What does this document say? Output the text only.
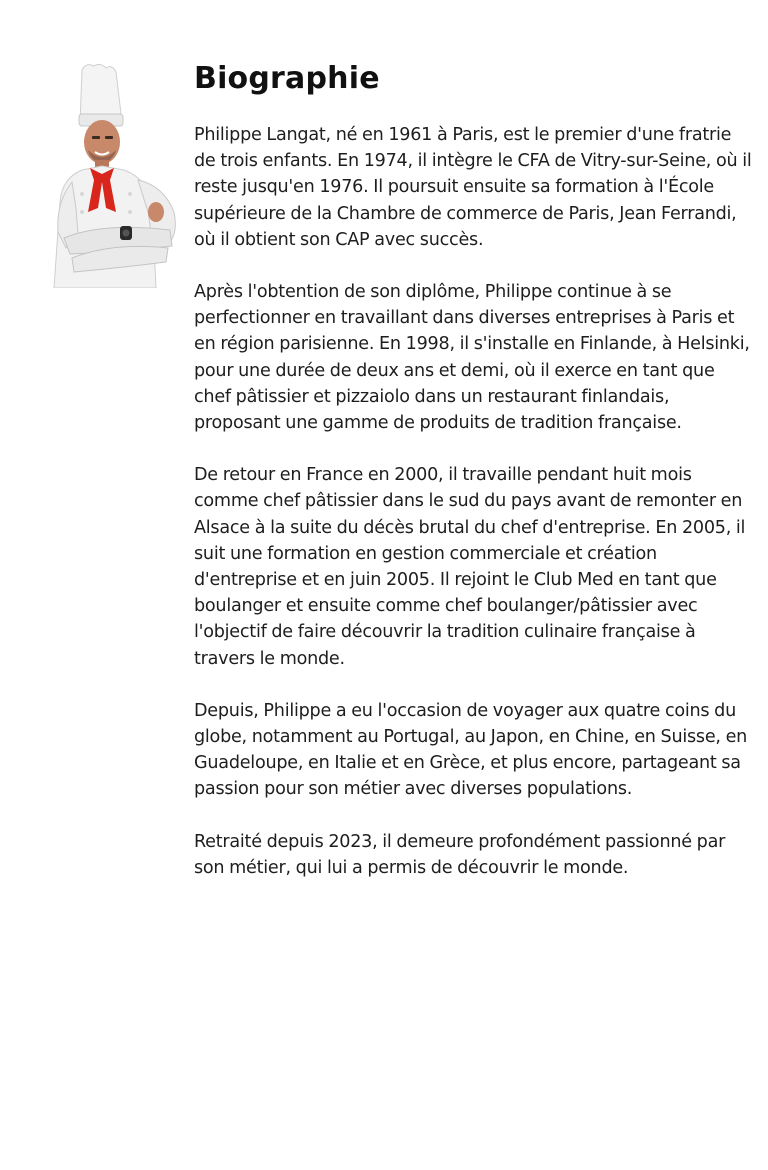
Biographie

Philippe Langat, né en 1961 à Paris, est le premier d'une fratrie de trois enfants. En 1974, il intègre le CFA de Vitry-sur-Seine, où il reste jusqu'en 1976. Il poursuit ensuite sa formation à l'École supérieure de la Chambre de commerce de Paris, Jean Ferrandi, où il obtient son CAP avec succès.

Après l'obtention de son diplôme, Philippe continue à se perfectionner en travaillant dans diverses entreprises à Paris et en région parisienne. En 1998, il s'installe en Finlande, à Helsinki, pour une durée de deux ans et demi, où il exerce en tant que chef pâtissier et pizzaiolo dans un restaurant finlandais, proposant une gamme de produits de tradition française.

De retour en France en 2000, il travaille pendant huit mois comme chef pâtissier dans le sud du pays avant de remonter en Alsace à la suite du décès brutal du chef d'entreprise. En 2005, il suit une formation en gestion commerciale et création d'entreprise et en juin 2005. Il rejoint le Club Med en tant que boulanger et ensuite comme chef boulanger/pâtissier avec l'objectif de faire découvrir la tradition culinaire française à travers le monde.

Depuis, Philippe a eu l'occasion de voyager aux quatre coins du globe, notamment au Portugal, au Japon, en Chine, en Suisse, en Guadeloupe, en Italie et en Grèce, et plus encore, partageant sa passion pour son métier avec diverses populations.

Retraité depuis 2023, il demeure profondément passionné par son métier, qui lui a permis de découvrir le monde.
